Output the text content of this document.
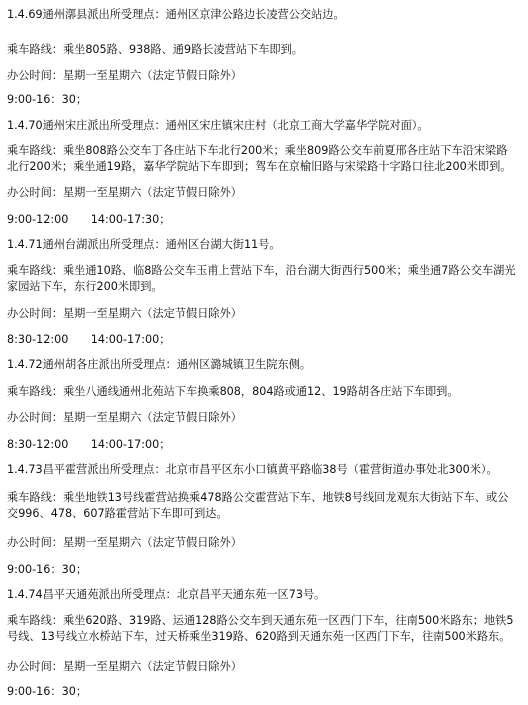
1.4.69通州漷县派出所受理点：通州区京津公路边长凌营公交站边。
乘车路线：乘坐805路、938路、通9路长凌营站下车即到。
办公时间：星期一至星期六（法定节假日除外）
9:00-16：30；
1.4.70通州宋庄派出所受理点：通州区宋庄镇宋庄村（北京工商大学嘉华学院对面）。
乘车路线：乘坐808路公交车丁各庄站下车北行200米；乘坐809路公交车前夏邢各庄站下车沿宋梁路北行200米；乘坐通19路，嘉华学院站下车即到；驾车在京榆旧路与宋梁路十字路口往北200米即到。
办公时间：星期一至星期六（法定节假日除外）
9:00-12:00　　14:00-17:30；
1.4.71通州台湖派出所受理点：通州区台湖大街11号。
乘车路线：乘坐通10路、临8路公交车玉甫上营站下车，沿台湖大街西行500米；乘坐通7路公交车湖光家园站下车，东行200米即到。
办公时间：星期一至星期六（法定节假日除外）
8:30-12:00　　14:00-17:00；
1.4.72通州胡各庄派出所受理点：通州区潞城镇卫生院东侧。
乘车路线：乘坐八通线通州北苑站下车换乘808，804路或通12、19路胡各庄站下车即到。
办公时间：星期一至星期六（法定节假日除外）
8:30-12:00　　14:00-17:00；
1.4.73昌平霍营派出所受理点：北京市昌平区东小口镇黄平路临38号（霍营街道办事处北300米）。
乘车路线：乘坐地铁13号线霍营站换乘478路公交霍营站下车、地铁8号线回龙观东大街站下车、或公交996、478、607路霍营站下车即可到达。
办公时间：星期一至星期六（法定节假日除外）
9:00-16：30；
1.4.74昌平天通苑派出所受理点：北京昌平天通东苑一区73号。
乘车路线：乘坐620路、319路、运通128路公交车到天通东苑一区西门下车，往南500米路东；地铁5号线、13号线立水桥站下车，过天桥乘坐319路、620路到天通东苑一区西门下车，往南500米路东。
办公时间：星期一至星期六（法定节假日除外）
9:00-16：30；
